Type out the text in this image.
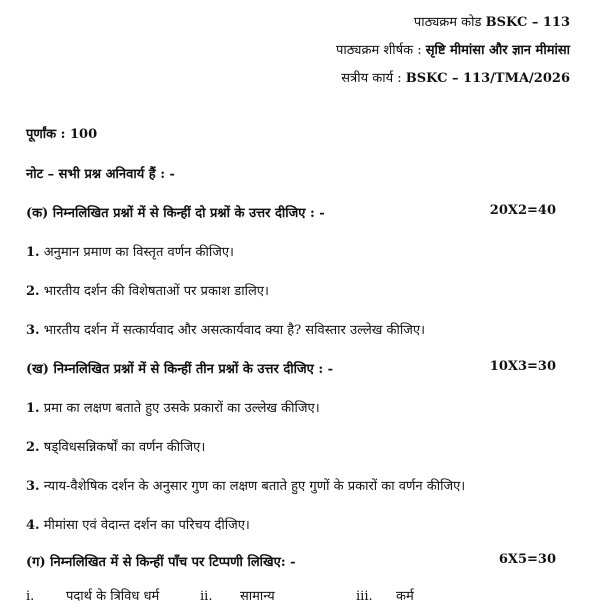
पाठ्यक्रम कोड BSKC – 113
पाठ्यक्रम शीर्षक : सृष्टि मीमांसा और ज्ञान मीमांसा
सत्रीय कार्य : BSKC – 113/TMA/2026
पूर्णांक : 100
नोट – सभी प्रश्न अनिवार्य हैं : -
(क) निम्नलिखित प्रश्नों में से किन्हीं दो प्रश्नों के उत्तर दीजिए : -	20X2=40
1. अनुमान प्रमाण का विस्तृत वर्णन कीजिए।
2. भारतीय दर्शन की विशेषताओं पर प्रकाश डालिए।
3. भारतीय दर्शन में सत्कार्यवाद और असत्कार्यवाद क्या है? सविस्तार उल्लेख कीजिए।
(ख) निम्नलिखित प्रश्नों में से किन्हीं तीन प्रश्नों के उत्तर दीजिए : -	10X3=30
1. प्रमा का लक्षण बताते हुए उसके प्रकारों का उल्लेख कीजिए।
2. षड्विधसन्निकर्षों का वर्णन कीजिए।
3. न्याय-वैशेषिक दर्शन के अनुसार गुण का लक्षण बताते हुए गुणों के प्रकारों का वर्णन कीजिए।
4. मीमांसा एवं वेदान्त दर्शन का परिचय दीजिए।
(ग) निम्नलिखित में से किन्हीं पाँच पर टिप्पणी लिखिए: -	6X5=30
i. पदार्थ के त्रिविध धर्म	ii. सामान्य	iii. कर्म
